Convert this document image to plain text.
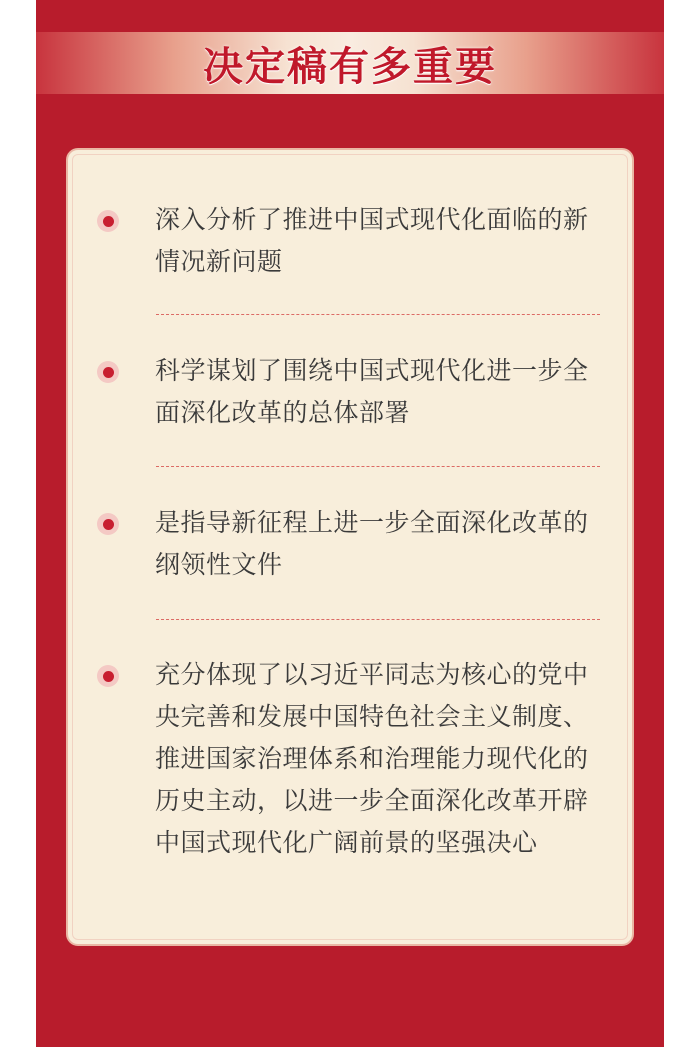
决定稿有多重要

深入分析了推进中国式现代化面临的新情况新问题

科学谋划了围绕中国式现代化进一步全面深化改革的总体部署

是指导新征程上进一步全面深化改革的纲领性文件

充分体现了以习近平同志为核心的党中央完善和发展中国特色社会主义制度、推进国家治理体系和治理能力现代化的历史主动，以进一步全面深化改革开辟中国式现代化广阔前景的坚强决心
